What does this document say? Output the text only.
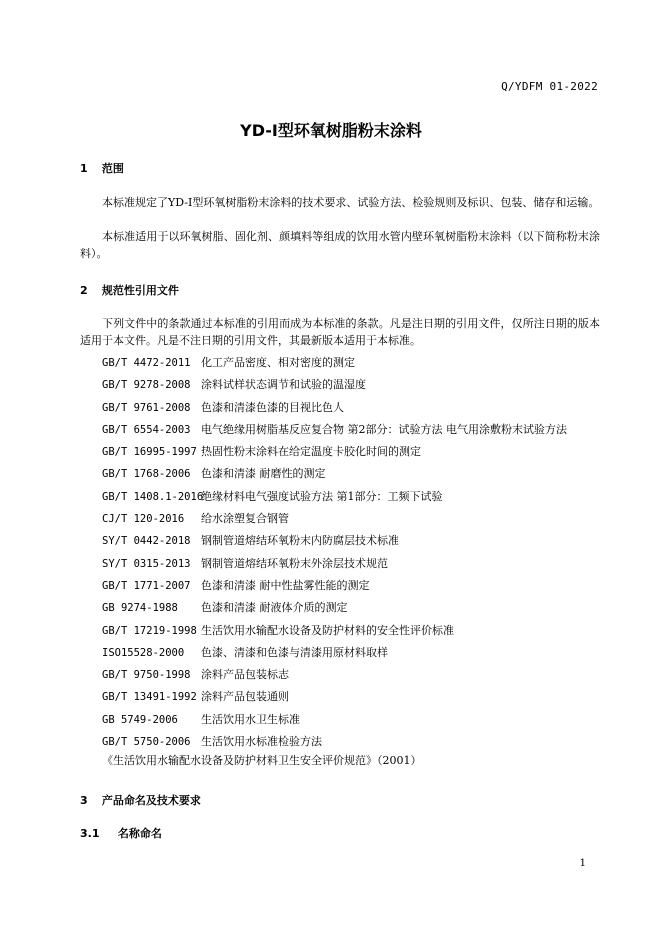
Q/YDFM 01-2022
YD-Ⅰ型环氧树脂粉末涂料
1 范围
本标准规定了YD-Ⅰ型环氧树脂粉末涂料的技术要求、试验方法、检验规则及标识、包装、储存和运输。
本标准适用于以环氧树脂、固化剂、颜填料等组成的饮用水管内壁环氧树脂粉末涂料（以下简称粉末涂料）。
2 规范性引用文件
下列文件中的条款通过本标准的引用而成为本标准的条款。凡是注日期的引用文件，仅所注日期的版本适用于本文件。凡是不注日期的引用文件，其最新版本适用于本标准。
GB/T 4472-2011 化工产品密度、相对密度的测定
GB/T 9278-2008 涂料试样状态调节和试验的温湿度
GB/T 9761-2008 色漆和清漆色漆的目视比色人
GB/T 6554-2003 电气绝缘用树脂基反应复合物 第2部分：试验方法 电气用涂敷粉末试验方法
GB/T 16995-1997 热固性粉末涂料在给定温度卡胶化时间的测定
GB/T 1768-2006 色漆和清漆 耐磨性的测定
GB/T 1408.1-2016绝缘材料电气强度试验方法 第1部分：工频下试验
CJ/T 120-2016 给水涂塑复合钢管
SY/T 0442-2018 钢制管道熔结环氧粉末内防腐层技术标准
SY/T 0315-2013 钢制管道熔结环氧粉末外涂层技术规范
GB/T 1771-2007 色漆和清漆 耐中性盐雾性能的测定
GB 9274-1988 色漆和清漆 耐液体介质的测定
GB/T 17219-1998 生活饮用水输配水设备及防护材料的安全性评价标准
ISO15528-2000 色漆、清漆和色漆与清漆用原材料取样
GB/T 9750-1998 涂料产品包装标志
GB/T 13491-1992 涂料产品包装通则
GB 5749-2006 生活饮用水卫生标准
GB/T 5750-2006 生活饮用水标准检验方法
《生活饮用水输配水设备及防护材料卫生安全评价规范》（2001）
3 产品命名及技术要求
3.1 名称命名
1
